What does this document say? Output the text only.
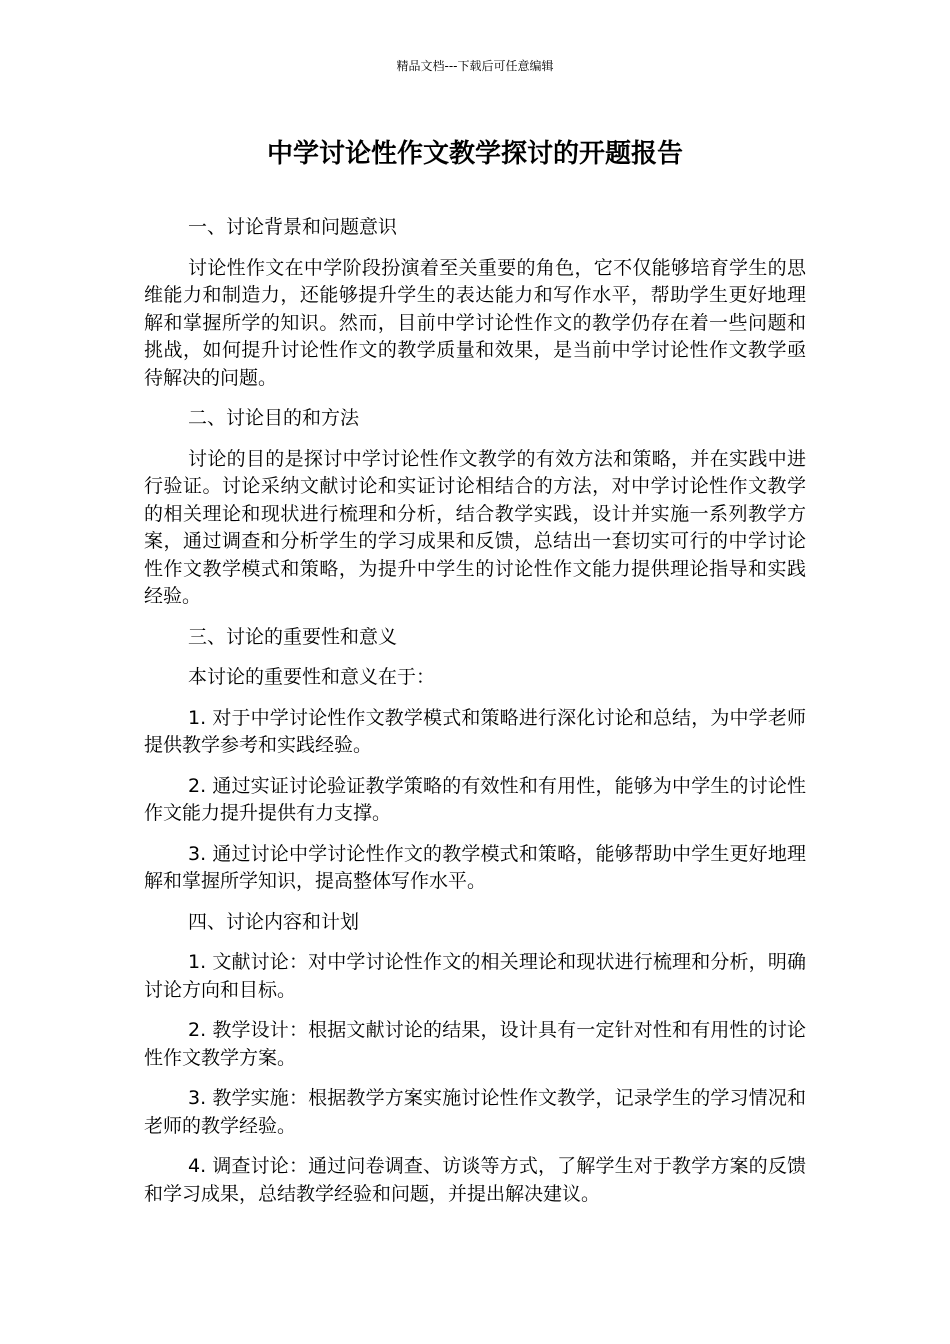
精品文档---下载后可任意编辑
中学讨论性作文教学探讨的开题报告

一、讨论背景和问题意识

讨论性作文在中学阶段扮演着至关重要的角色，它不仅能够培育学生的思维能力和制造力，还能够提升学生的表达能力和写作水平，帮助学生更好地理解和掌握所学的知识。然而，目前中学讨论性作文的教学仍存在着一些问题和挑战，如何提升讨论性作文的教学质量和效果，是当前中学讨论性作文教学亟待解决的问题。

二、讨论目的和方法

讨论的目的是探讨中学讨论性作文教学的有效方法和策略，并在实践中进行验证。讨论采纳文献讨论和实证讨论相结合的方法，对中学讨论性作文教学的相关理论和现状进行梳理和分析，结合教学实践，设计并实施一系列教学方案，通过调查和分析学生的学习成果和反馈，总结出一套切实可行的中学讨论性作文教学模式和策略，为提升中学生的讨论性作文能力提供理论指导和实践经验。

三、讨论的重要性和意义

本讨论的重要性和意义在于：

1. 对于中学讨论性作文教学模式和策略进行深化讨论和总结，为中学老师提供教学参考和实践经验。

2. 通过实证讨论验证教学策略的有效性和有用性，能够为中学生的讨论性作文能力提升提供有力支撑。

3. 通过讨论中学讨论性作文的教学模式和策略，能够帮助中学生更好地理解和掌握所学知识，提高整体写作水平。

四、讨论内容和计划

1. 文献讨论：对中学讨论性作文的相关理论和现状进行梳理和分析，明确讨论方向和目标。

2. 教学设计：根据文献讨论的结果，设计具有一定针对性和有用性的讨论性作文教学方案。

3. 教学实施：根据教学方案实施讨论性作文教学，记录学生的学习情况和老师的教学经验。

4. 调查讨论：通过问卷调查、访谈等方式，了解学生对于教学方案的反馈和学习成果，总结教学经验和问题，并提出解决建议。
